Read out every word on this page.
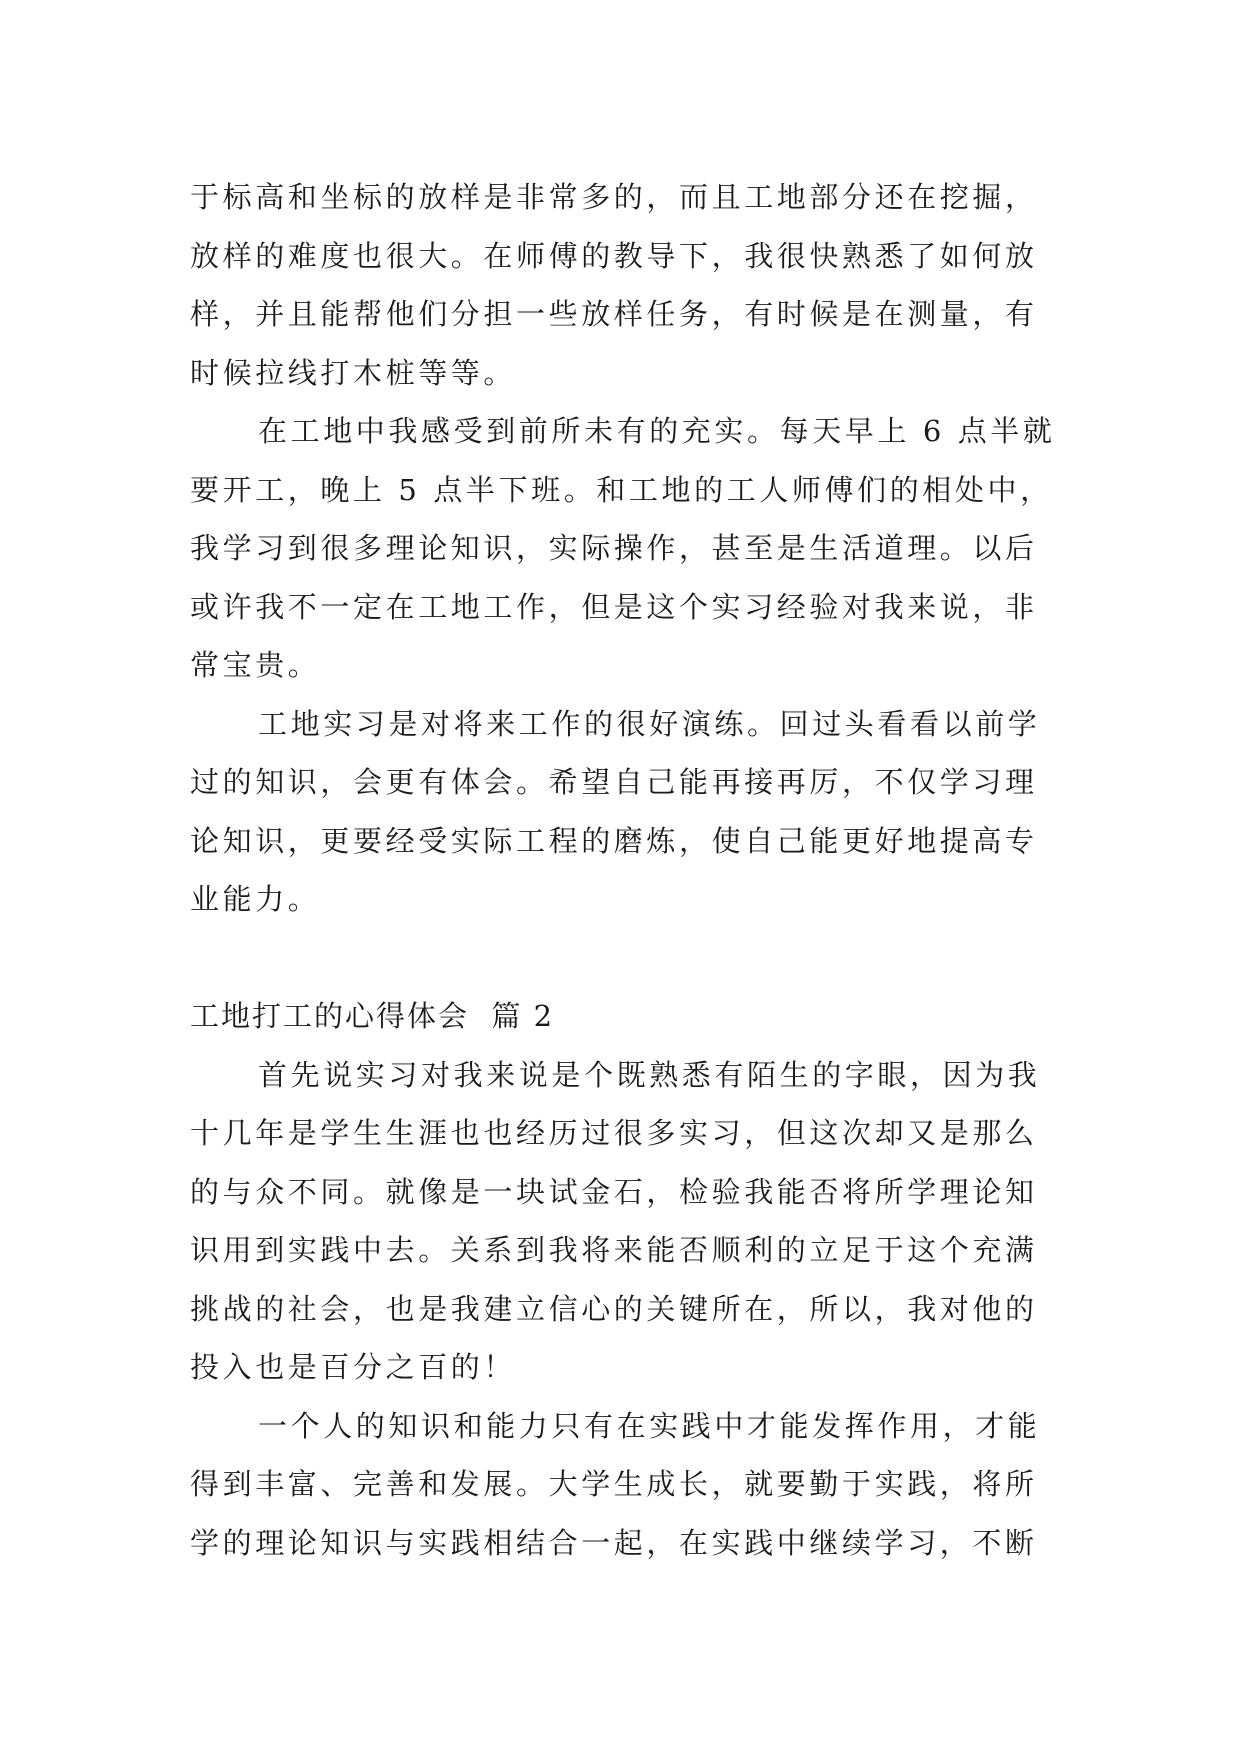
于标高和坐标的放样是非常多的，而且工地部分还在挖掘，
放样的难度也很大。在师傅的教导下，我很快熟悉了如何放
样，并且能帮他们分担一些放样任务，有时候是在测量，有
时候拉线打木桩等等。
在工地中我感受到前所未有的充实。每天早上 6 点半就
要开工，晚上 5 点半下班。和工地的工人师傅们的相处中，
我学习到很多理论知识，实际操作，甚至是生活道理。以后
或许我不一定在工地工作，但是这个实习经验对我来说，非
常宝贵。
工地实习是对将来工作的很好演练。回过头看看以前学
过的知识，会更有体会。希望自己能再接再厉，不仅学习理
论知识，更要经受实际工程的磨炼，使自己能更好地提高专
业能力。
工地打工的心得体会  篇 2
首先说实习对我来说是个既熟悉有陌生的字眼，因为我
十几年是学生生涯也也经历过很多实习，但这次却又是那么
的与众不同。就像是一块试金石，检验我能否将所学理论知
识用到实践中去。关系到我将来能否顺利的立足于这个充满
挑战的社会，也是我建立信心的关键所在，所以，我对他的
投入也是百分之百的！
一个人的知识和能力只有在实践中才能发挥作用，才能
得到丰富、完善和发展。大学生成长，就要勤于实践，将所
学的理论知识与实践相结合一起，在实践中继续学习，不断
